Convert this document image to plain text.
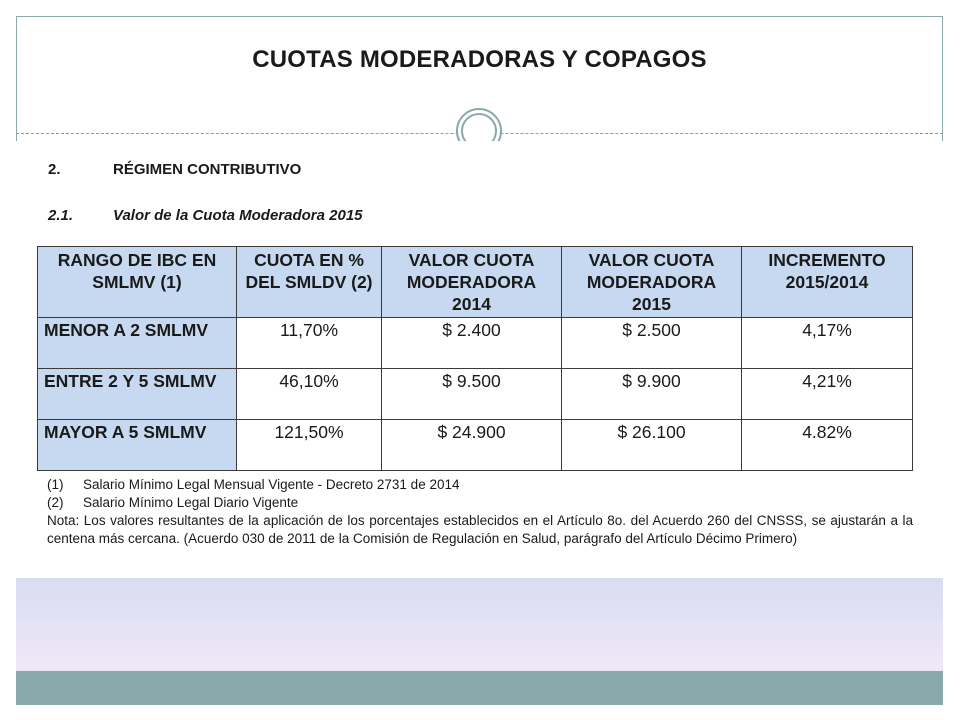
CUOTAS MODERADORAS Y COPAGOS
2.	RÉGIMEN CONTRIBUTIVO
2.1.	Valor de la Cuota Moderadora 2015
RANGO DE IBC EN SMLMV (1)	CUOTA EN % DEL SMLDV (2)	VALOR CUOTA MODERADORA 2014	VALOR CUOTA MODERADORA 2015	INCREMENTO 2015/2014
MENOR A 2 SMLMV	11,70%	$ 2.400	$ 2.500	4,17%
ENTRE 2 Y 5 SMLMV	46,10%	$ 9.500	$ 9.900	4,21%
MAYOR A 5 SMLMV	121,50%	$ 24.900	$ 26.100	4.82%
(1) Salario Mínimo Legal Mensual Vigente - Decreto 2731 de 2014
(2) Salario Mínimo Legal Diario Vigente
Nota: Los valores resultantes de la aplicación de los porcentajes establecidos en el Artículo 8o. del Acuerdo 260 del CNSSS, se ajustarán a la centena más cercana. (Acuerdo 030 de 2011 de la Comisión de Regulación en Salud, parágrafo del Artículo Décimo Primero)
